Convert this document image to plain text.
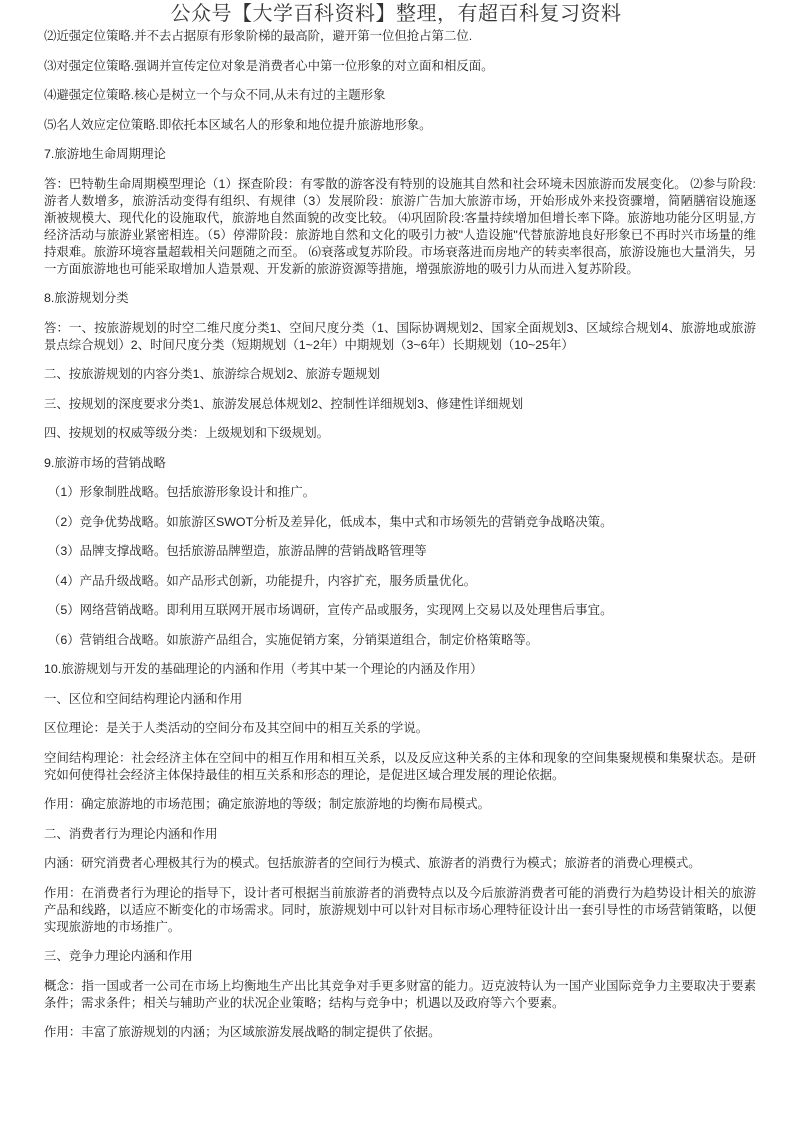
公众号【大学百科资料】整理，有超百科复习资料
⑵近强定位策略.并不去占据原有形象阶梯的最高阶，避开第一位但抢占第二位.
⑶对强定位策略.强调并宣传定位对象是消费者心中第一位形象的对立面和相反面。
⑷避强定位策略.核心是树立一个与众不同,从未有过的主题形象
⑸名人效应定位策略.即依托本区域名人的形象和地位提升旅游地形象。
7.旅游地生命周期理论
答：巴特勒生命周期模型理论（1）探查阶段：有零散的游客没有特别的设施其自然和社会环境未因旅游而发展变化。 ⑵参与阶段:游者人数增多，旅游活动变得有组织、有规律（3）发展阶段：旅游广告加大旅游市场，开始形成外来投资骤增，简陋膳宿设施逐渐被规模大、现代化的设施取代，旅游地自然面貌的改变比较。 ⑷巩固阶段:客量持续增加但增长率下降。旅游地功能分区明显,方经济活动与旅游业紧密相连。（5）停滞阶段：旅游地自然和文化的吸引力被"人造设施"代替旅游地良好形象已不再时兴市场量的维持艰难。旅游环境容量超载相关问题随之而至。 ⑹衰落或复苏阶段。市场衰落进而房地产的转卖率很高，旅游设施也大量消失，另一方面旅游地也可能采取增加人造景观、开发新的旅游资源等措施，增强旅游地的吸引力从而进入复苏阶段。
8.旅游规划分类
答：一、按旅游规划的时空二维尺度分类1、空间尺度分类（1、国际协调规划2、国家全面规划3、区域综合规划4、旅游地或旅游景点综合规划）2、时间尺度分类（短期规划（1~2年）中期规划（3~6年）长期规划（10~25年）
二、按旅游规划的内容分类1、旅游综合规划2、旅游专题规划
三、按规划的深度要求分类1、旅游发展总体规划2、控制性详细规划3、修建性详细规划
四、按规划的权威等级分类：上级规划和下级规划。
9.旅游市场的营销战略
（1）形象制胜战略。包括旅游形象设计和推广。
（2）竞争优势战略。如旅游区SWOT分析及差异化，低成本，集中式和市场领先的营销竞争战略决策。
（3）品牌支撑战略。包括旅游品牌塑造，旅游品牌的营销战略管理等
（4）产品升级战略。如产品形式创新，功能提升，内容扩充，服务质量优化。
（5）网络营销战略。即利用互联网开展市场调研，宣传产品或服务，实现网上交易以及处理售后事宜。
（6）营销组合战略。如旅游产品组合，实施促销方案，分销渠道组合，制定价格策略等。
10.旅游规划与开发的基础理论的内涵和作用（考其中某一个理论的内涵及作用）
一、区位和空间结构理论内涵和作用
区位理论：是关于人类活动的空间分布及其空间中的相互关系的学说。
空间结构理论：社会经济主体在空间中的相互作用和相互关系，以及反应这种关系的主体和现象的空间集聚规模和集聚状态。是研究如何使得社会经济主体保持最佳的相互关系和形态的理论，是促进区域合理发展的理论依据。
作用：确定旅游地的市场范围；确定旅游地的等级；制定旅游地的均衡布局模式。
二、消费者行为理论内涵和作用
内涵：研究消费者心理极其行为的模式。包括旅游者的空间行为模式、旅游者的消费行为模式；旅游者的消费心理模式。
作用：在消费者行为理论的指导下，设计者可根据当前旅游者的消费特点以及今后旅游消费者可能的消费行为趋势设计相关的旅游产品和线路，以适应不断变化的市场需求。同时，旅游规划中可以针对目标市场心理特征设计出一套引导性的市场营销策略，以便实现旅游地的市场推广。
三、竞争力理论内涵和作用
概念：指一国或者一公司在市场上均衡地生产出比其竞争对手更多财富的能力。迈克波特认为一国产业国际竞争力主要取决于要素条件；需求条件；相关与辅助产业的状况企业策略；结构与竞争中；机遇以及政府等六个要素。
作用：丰富了旅游规划的内涵；为区域旅游发展战略的制定提供了依据。
